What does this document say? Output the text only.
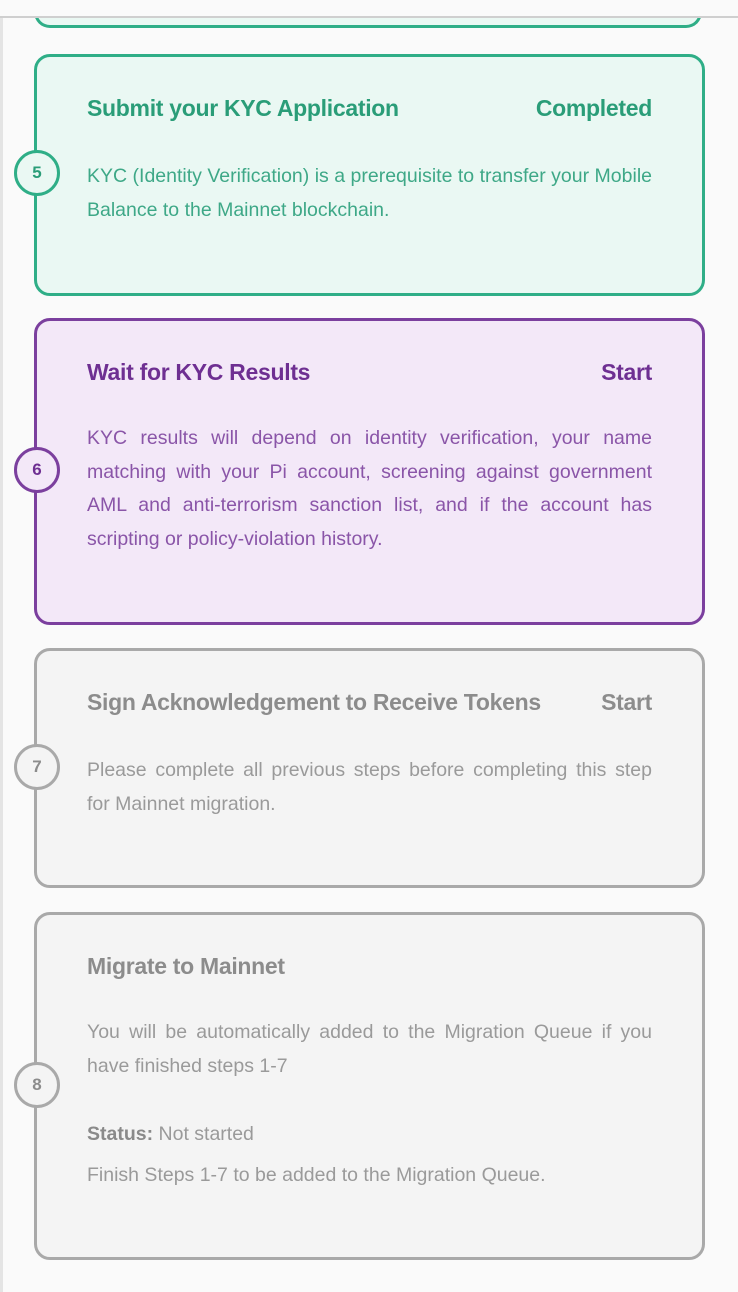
Submit your KYC Application	Completed
KYC (Identity Verification) is a prerequisite to transfer your Mobile Balance to the Mainnet blockchain.
5
Wait for KYC Results	Start
KYC results will depend on identity verification, your name matching with your Pi account, screening against government AML and anti-terrorism sanction list, and if the account has scripting or policy-violation history.
6
Sign Acknowledgement to Receive Tokens	Start
Please complete all previous steps before completing this step for Mainnet migration.
7
Migrate to Mainnet
You will be automatically added to the Migration Queue if you have finished steps 1-7
Status: Not started
Finish Steps 1-7 to be added to the Migration Queue.
8
